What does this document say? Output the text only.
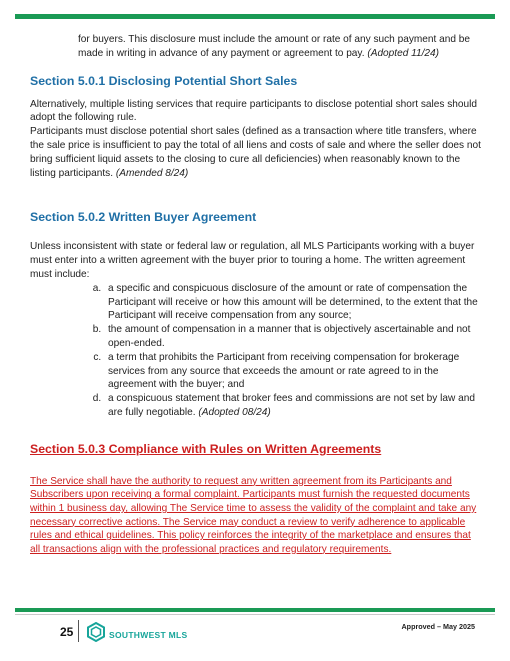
for buyers. This disclosure must include the amount or rate of any such payment and be made in writing in advance of any payment or agreement to pay. (Adopted 11/24)

Section 5.0.1 Disclosing Potential Short Sales

Alternatively, multiple listing services that require participants to disclose potential short sales should adopt the following rule.

Participants must disclose potential short sales (defined as a transaction where title transfers, where the sale price is insufficient to pay the total of all liens and costs of sale and where the seller does not bring sufficient liquid assets to the closing to cure all deficiencies) when reasonably known to the listing participants. (Amended 8/24)

Section 5.0.2 Written Buyer Agreement

Unless inconsistent with state or federal law or regulation, all MLS Participants working with a buyer must enter into a written agreement with the buyer prior to touring a home. The written agreement must include:

a. a specific and conspicuous disclosure of the amount or rate of compensation the Participant will receive or how this amount will be determined, to the extent that the Participant will receive compensation from any source;
b. the amount of compensation in a manner that is objectively ascertainable and not open-ended.
c. a term that prohibits the Participant from receiving compensation for brokerage services from any source that exceeds the amount or rate agreed to in the agreement with the buyer; and
d. a conspicuous statement that broker fees and commissions are not set by law and are fully negotiable. (Adopted 08/24)
Section 5.0.3 Compliance with Rules on Written Agreements

The Service shall have the authority to request any written agreement from its Participants and Subscribers upon receiving a formal complaint. Participants must furnish the requested documents within 1 business day, allowing The Service time to assess the validity of the complaint and take any necessary corrective actions. The Service may conduct a review to verify adherence to applicable rules and ethical guidelines. This policy reinforces the integrity of the marketplace and ensures that all transactions align with the professional practices and regulatory requirements.

25	SOUTHWEST MLS
Approved – May 2025
